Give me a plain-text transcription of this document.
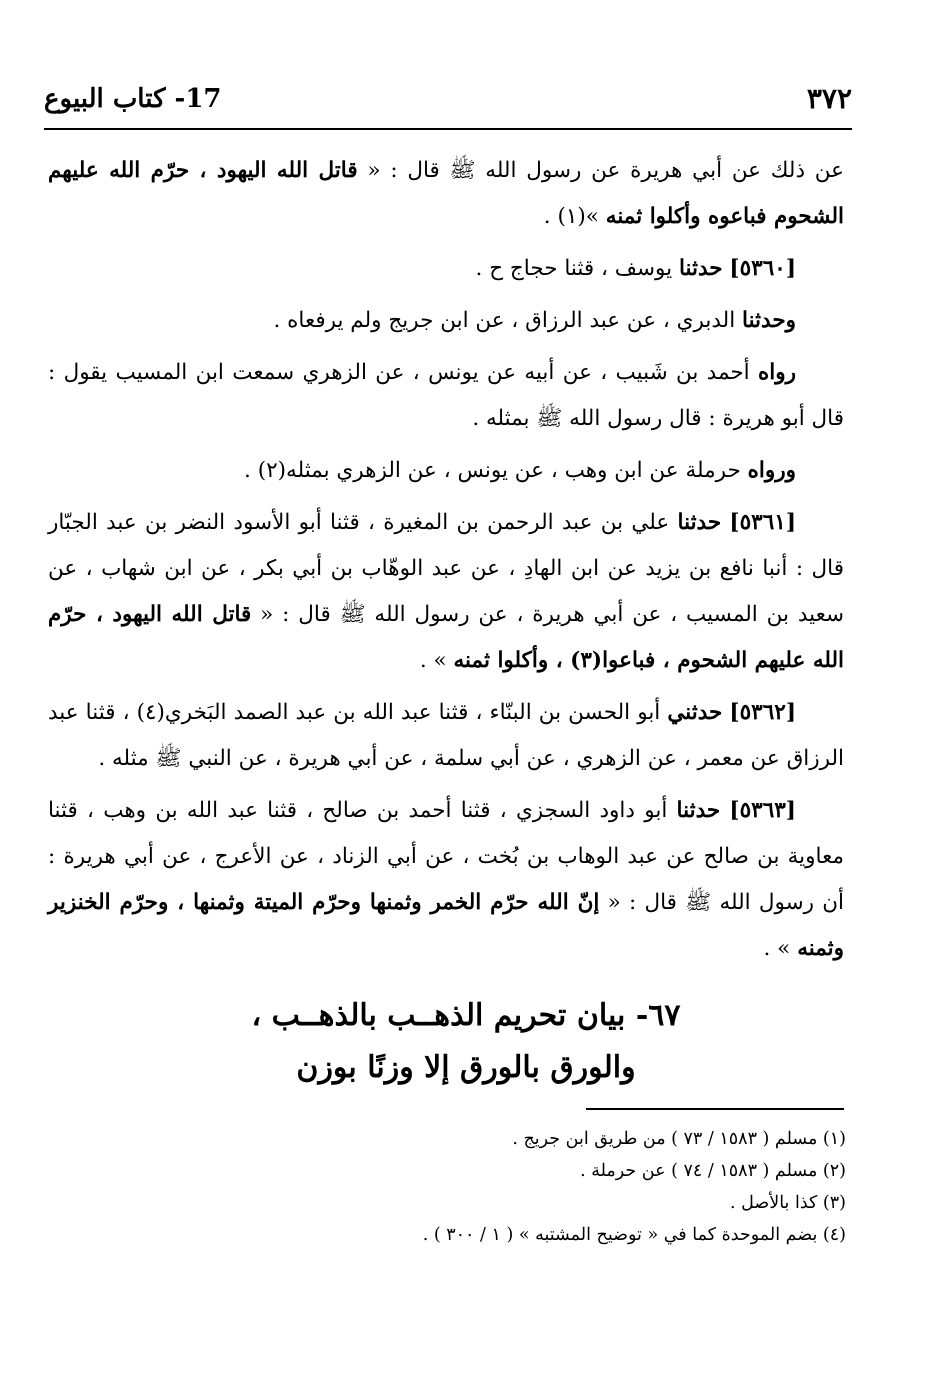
٣٧٢
17- كتاب البيوع

عن ذلك عن أبي هريرة عن رسول الله ﷺ قال : « قاتل الله اليهود ، حرّم الله عليهم الشحوم فباعوه وأكلوا ثمنه »(١) .

[٥٣٦٠] حدثنا يوسف ، قثنا حجاج ح .

وحدثنا الدبري ، عن عبد الرزاق ، عن ابن جريج ولم يرفعاه .

رواه أحمد بن شَبيب ، عن أبيه عن يونس ، عن الزهري سمعت ابن المسيب يقول : قال أبو هريرة : قال رسول الله ﷺ بمثله .

ورواه حرملة عن ابن وهب ، عن يونس ، عن الزهري بمثله(٢) .

[٥٣٦١] حدثنا علي بن عبد الرحمن بن المغيرة ، قثنا أبو الأسود النضر بن عبد الجبّار قال : أنبا نافع بن يزيد عن ابن الهادِ ، عن عبد الوهّاب بن أبي بكر ، عن ابن شهاب ، عن سعيد بن المسيب ، عن أبي هريرة ، عن رسول الله ﷺ قال : « قاتل الله اليهود ، حرّم الله عليهم الشحوم ، فباعوا(٣) ، وأكلوا ثمنه » .

[٥٣٦٢] حدثني أبو الحسن بن البنّاء ، قثنا عبد الله بن عبد الصمد البَخري(٤) ، قثنا عبد الرزاق عن معمر ، عن الزهري ، عن أبي سلمة ، عن أبي هريرة ، عن النبي ﷺ مثله .

[٥٣٦٣] حدثنا أبو داود السجزي ، قثنا أحمد بن صالح ، قثنا عبد الله بن وهب ، قثنا معاوية بن صالح عن عبد الوهاب بن بُخت ، عن أبي الزناد ، عن الأعرج ، عن أبي هريرة : أن رسول الله ﷺ قال : « إنّ الله حرّم الخمر وثمنها وحرّم الميتة وثمنها ، وحرّم الخنزير وثمنه » .

٦٧- بيان تحريم الذهــب بالذهــب ،
والورق بالورق إلا وزنًا بوزن

(١) مسلم ( ١٥٨٣ / ٧٣ ) من طريق ابن جريج .

(٢) مسلم ( ١٥٨٣ / ٧٤ ) عن حرملة .

(٣) كذا بالأصل .

(٤) بضم الموحدة كما في « توضيح المشتبه » ( ١ / ٣٠٠ ) .
